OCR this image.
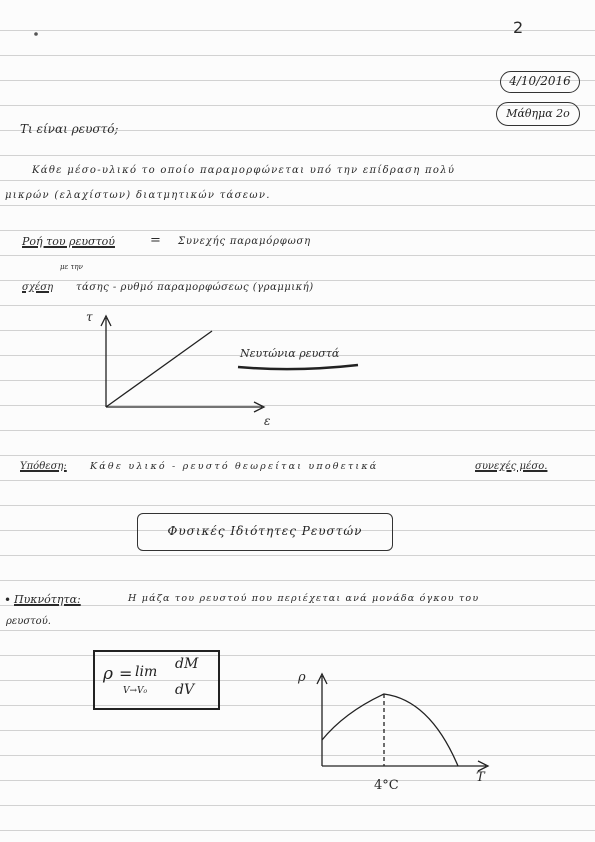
2
4/10/2016
Μάθημα 2ο
Τι είναι ρευστό;
Κάθε μέσο-υλικό το οποίο παραμορφώνεται υπό την επίδραση πολύ
μικρών (ελαχίστων) διατμητικών τάσεων.
Ροή του ρευστού	= Συνεχής παραμόρφωση
με την
σχέση τάσης - ρυθμό παραμορφώσεως (γραμμική)
τ
ε
Νευτώνια ρευστά
Υπόθεση: Κάθε υλικό - ρευστό θεωρείται υποθετικά	συνεχές μέσο.
Φυσικές Ιδιότητες Ρευστών
• Πυκνότητα:	Η μάζα του ρευστού που περιέχεται ανά μονάδα όγκου του
ρευστού.
ρ = lim
V→V₀
dM
dV
ρ
T
4°C
